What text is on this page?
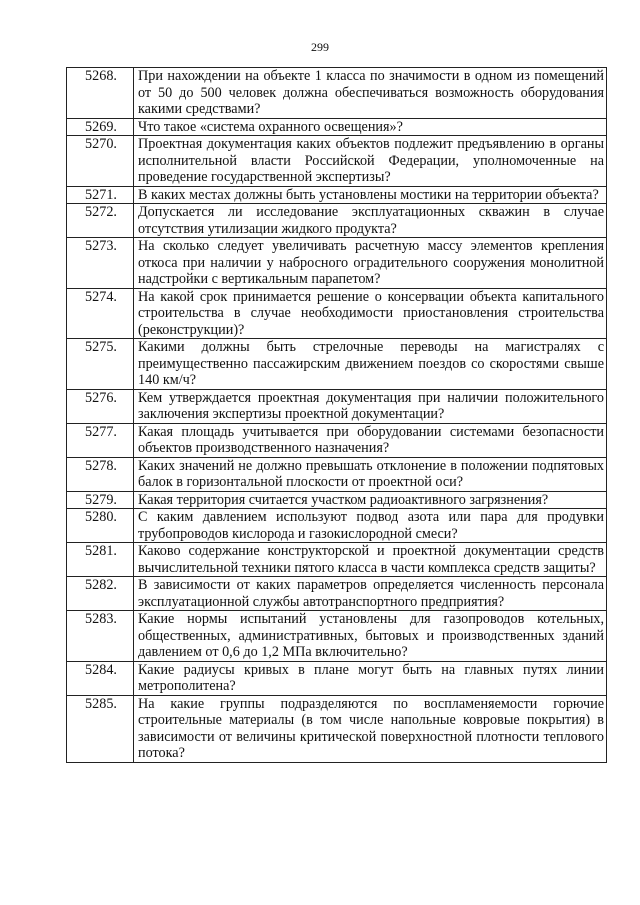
299
5268.	При нахождении на объекте 1 класса по значимости в одном из помещений от 50 до 500 человек должна обеспечиваться возможность оборудования какими средствами?
5269.	Что такое «система охранного освещения»?
5270.	Проектная документация каких объектов подлежит предъявлению в органы исполнительной власти Российской Федерации, уполномоченные на проведение государственной экспертизы?
5271.	В каких местах должны быть установлены мостики на территории объекта?
5272.	Допускается ли исследование эксплуатационных скважин в случае отсутствия утилизации жидкого продукта?
5273.	На сколько следует увеличивать расчетную массу элементов крепления откоса при наличии у набросного оградительного сооружения монолитной надстройки с вертикальным парапетом?
5274.	На какой срок принимается решение о консервации объекта капитального строительства в случае необходимости приостановления строительства (реконструкции)?
5275.	Какими должны быть стрелочные переводы на магистралях с преимущественно пассажирским движением поездов со скоростями свыше 140 км/ч?
5276.	Кем утверждается проектная документация при наличии положительного заключения экспертизы проектной документации?
5277.	Какая площадь учитывается при оборудовании системами безопасности объектов производственного назначения?
5278.	Каких значений не должно превышать отклонение в положении подпятовых балок в горизонтальной плоскости от проектной оси?
5279.	Какая территория считается участком радиоактивного загрязнения?
5280.	С каким давлением используют подвод азота или пара для продувки трубопроводов кислорода и газокислородной смеси?
5281.	Каково содержание конструкторской и проектной документации средств вычислительной техники пятого класса в части комплекса средств защиты?
5282.	В зависимости от каких параметров определяется численность персонала эксплуатационной службы автотранспортного предприятия?
5283.	Какие нормы испытаний установлены для газопроводов котельных, общественных, административных, бытовых и производственных зданий давлением от 0,6 до 1,2 МПа включительно?
5284.	Какие радиусы кривых в плане могут быть на главных путях линии метрополитена?
5285.	На какие группы подразделяются по воспламеняемости горючие строительные материалы (в том числе напольные ковровые покрытия) в зависимости от величины критической поверхностной плотности теплового потока?
